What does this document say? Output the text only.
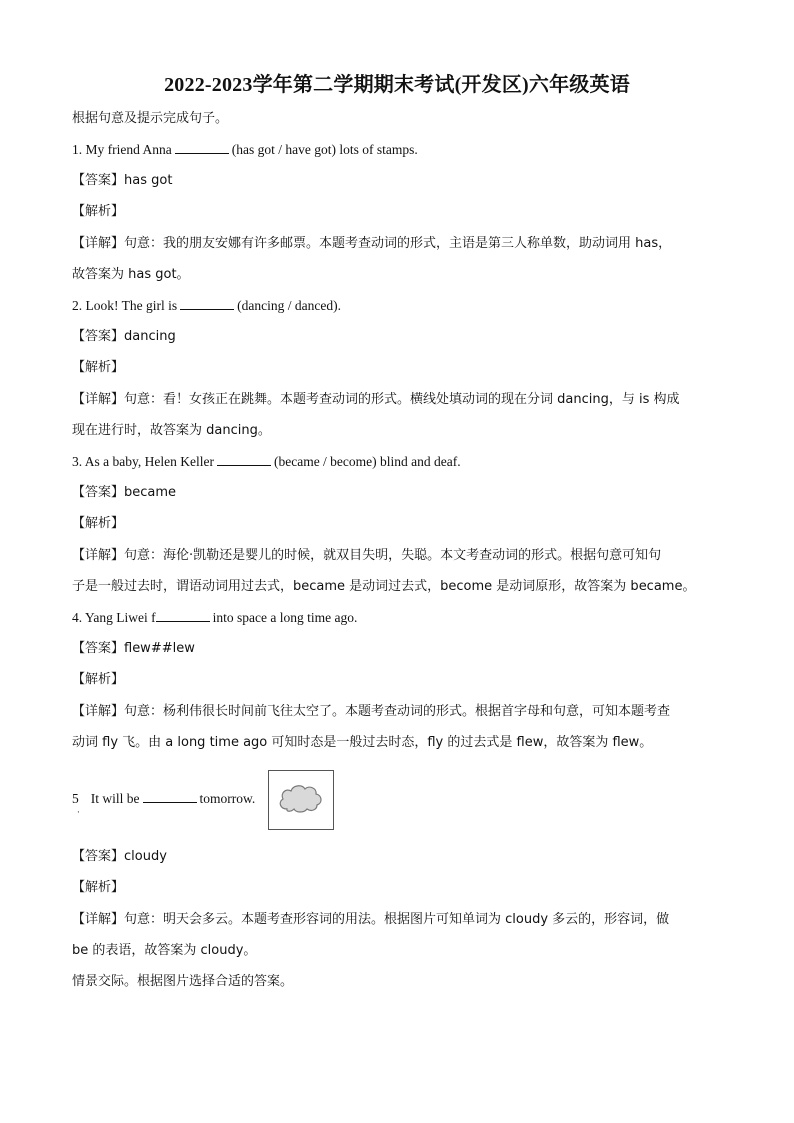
2022-2023学年第二学期期末考试(开发区)六年级英语
根据句意及提示完成句子。
1. My friend Anna	(has got / have got) lots of stamps.
【答案】has got
【解析】
【详解】句意：我的朋友安娜有许多邮票。本题考查动词的形式，主语是第三人称单数，助动词用 has，
故答案为 has got。
2. Look! The girl is	(dancing / danced).
【答案】dancing
【解析】
【详解】句意：看！女孩正在跳舞。本题考查动词的形式。横线处填动词的现在分词 dancing，与 is 构成
现在进行时，故答案为 dancing。
3. As a baby, Helen Keller	(became / become) blind and deaf.
【答案】became
【解析】
【详解】句意：海伦·凯勒还是婴儿的时候，就双目失明，失聪。本文考查动词的形式。根据句意可知句
子是一般过去时，谓语动词用过去式，became 是动词过去式，become 是动词原形，故答案为 became。
4. Yang Liwei f	into space a long time ago.
【答案】flew##lew
【解析】
【详解】句意：杨利伟很长时间前飞往太空了。本题考查动词的形式。根据首字母和句意，可知本题考查
动词 fly 飞。由 a long time ago 可知时态是一般过去时态，fly 的过去式是 flew，故答案为 flew。
5 It will be	tomorrow.
·
【答案】cloudy
【解析】
【详解】句意：明天会多云。本题考查形容词的用法。根据图片可知单词为 cloudy 多云的，形容词，做
be 的表语，故答案为 cloudy。
情景交际。根据图片选择合适的答案。
